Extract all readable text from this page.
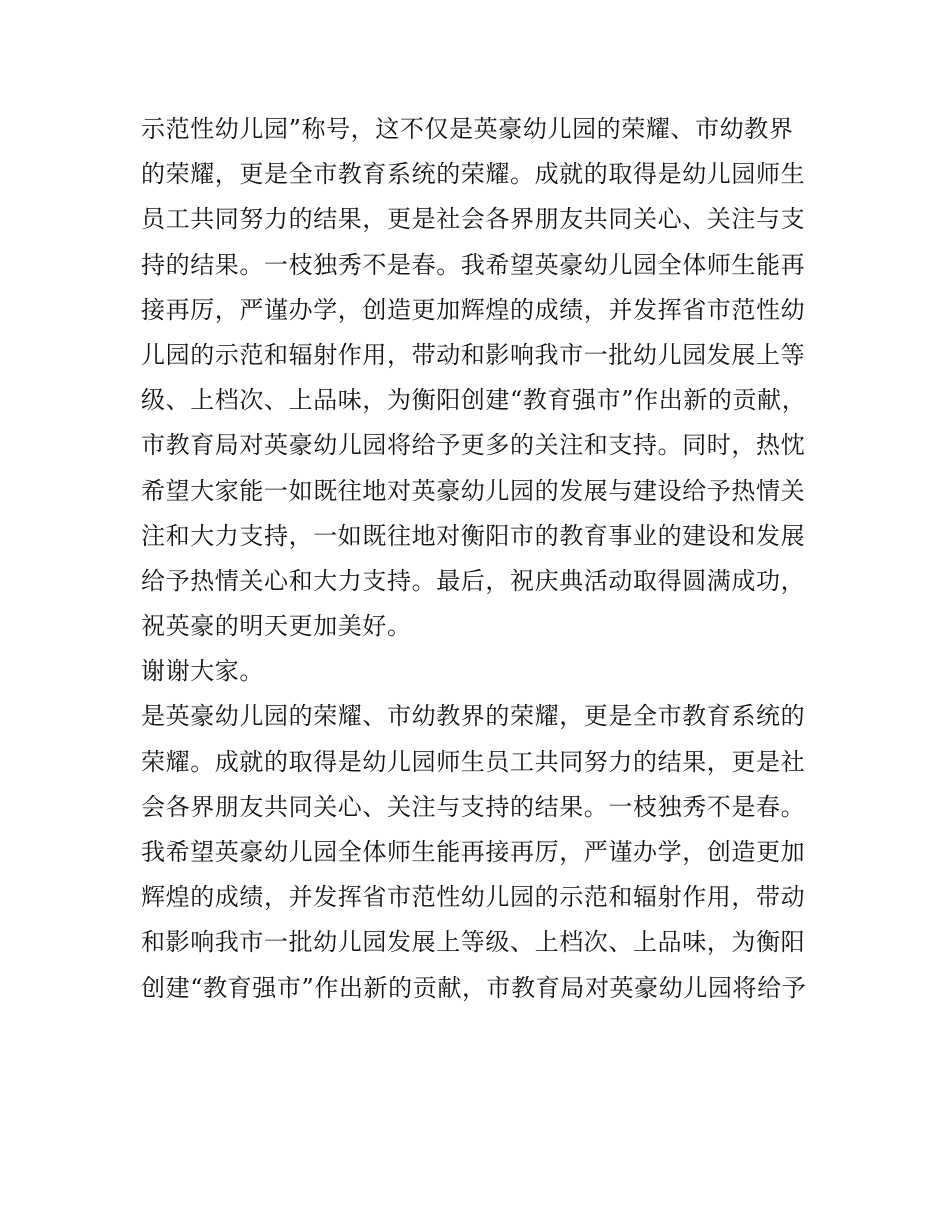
示范性幼儿园”称号，这不仅是英豪幼儿园的荣耀、市幼教界
的荣耀，更是全市教育系统的荣耀。成就的取得是幼儿园师生
员工共同努力的结果，更是社会各界朋友共同关心、关注与支
持的结果。一枝独秀不是春。我希望英豪幼儿园全体师生能再
接再厉，严谨办学，创造更加辉煌的成绩，并发挥省市范性幼
儿园的示范和辐射作用，带动和影响我市一批幼儿园发展上等
级、上档次、上品味，为衡阳创建“教育强市”作出新的贡献，
市教育局对英豪幼儿园将给予更多的关注和支持。同时，热忱
希望大家能一如既往地对英豪幼儿园的发展与建设给予热情关
注和大力支持，一如既往地对衡阳市的教育事业的建设和发展
给予热情关心和大力支持。最后，祝庆典活动取得圆满成功，
祝英豪的明天更加美好。
谢谢大家。
是英豪幼儿园的荣耀、市幼教界的荣耀，更是全市教育系统的
荣耀。成就的取得是幼儿园师生员工共同努力的结果，更是社
会各界朋友共同关心、关注与支持的结果。一枝独秀不是春。
我希望英豪幼儿园全体师生能再接再厉，严谨办学，创造更加
辉煌的成绩，并发挥省市范性幼儿园的示范和辐射作用，带动
和影响我市一批幼儿园发展上等级、上档次、上品味，为衡阳
创建“教育强市”作出新的贡献，市教育局对英豪幼儿园将给予
